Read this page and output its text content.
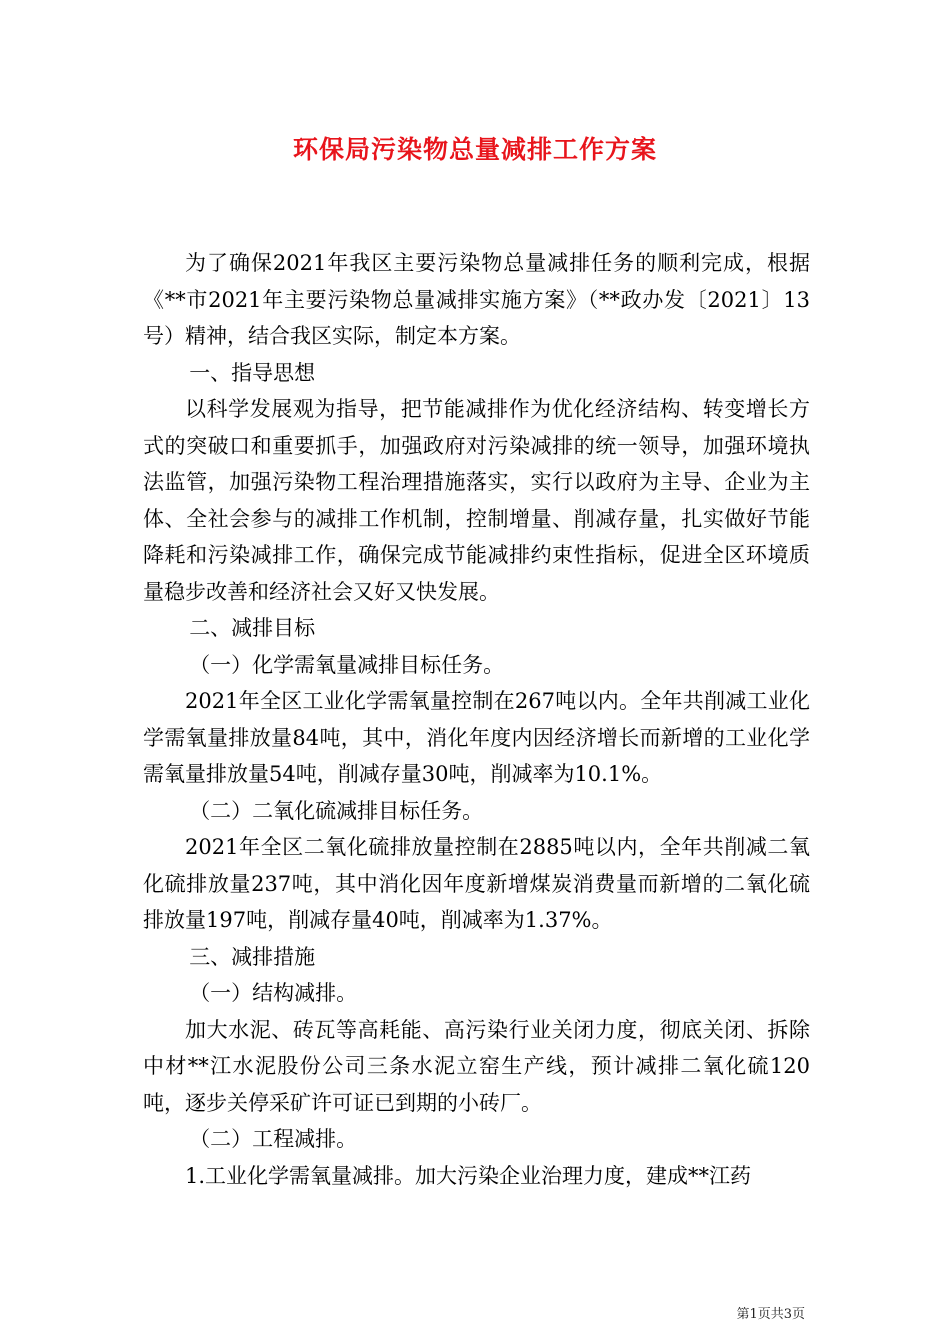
环保局污染物总量减排工作方案

为了确保2021年我区主要污染物总量减排任务的顺利完成，根据《**市2021年主要污染物总量减排实施方案》（**政办发〔2021〕13号）精神，结合我区实际，制定本方案。

一、指导思想

以科学发展观为指导，把节能减排作为优化经济结构、转变增长方式的突破口和重要抓手，加强政府对污染减排的统一领导，加强环境执法监管，加强污染物工程治理措施落实，实行以政府为主导、企业为主体、全社会参与的减排工作机制，控制增量、削减存量，扎实做好节能降耗和污染减排工作，确保完成节能减排约束性指标，促进全区环境质量稳步改善和经济社会又好又快发展。

二、减排目标

（一）化学需氧量减排目标任务。

2021年全区工业化学需氧量控制在267吨以内。全年共削减工业化学需氧量排放量84吨，其中，消化年度内因经济增长而新增的工业化学需氧量排放量54吨，削减存量30吨，削减率为10.1%。

（二）二氧化硫减排目标任务。

2021年全区二氧化硫排放量控制在2885吨以内，全年共削减二氧化硫排放量237吨，其中消化因年度新增煤炭消费量而新增的二氧化硫排放量197吨，削减存量40吨，削减率为1.37%。

三、减排措施

（一）结构减排。

加大水泥、砖瓦等高耗能、高污染行业关闭力度，彻底关闭、拆除中材**江水泥股份公司三条水泥立窑生产线，预计减排二氧化硫120吨，逐步关停采矿许可证已到期的小砖厂。

（二）工程减排。

1.工业化学需氧量减排。加大污染企业治理力度，建成**江药

第1页共3页
